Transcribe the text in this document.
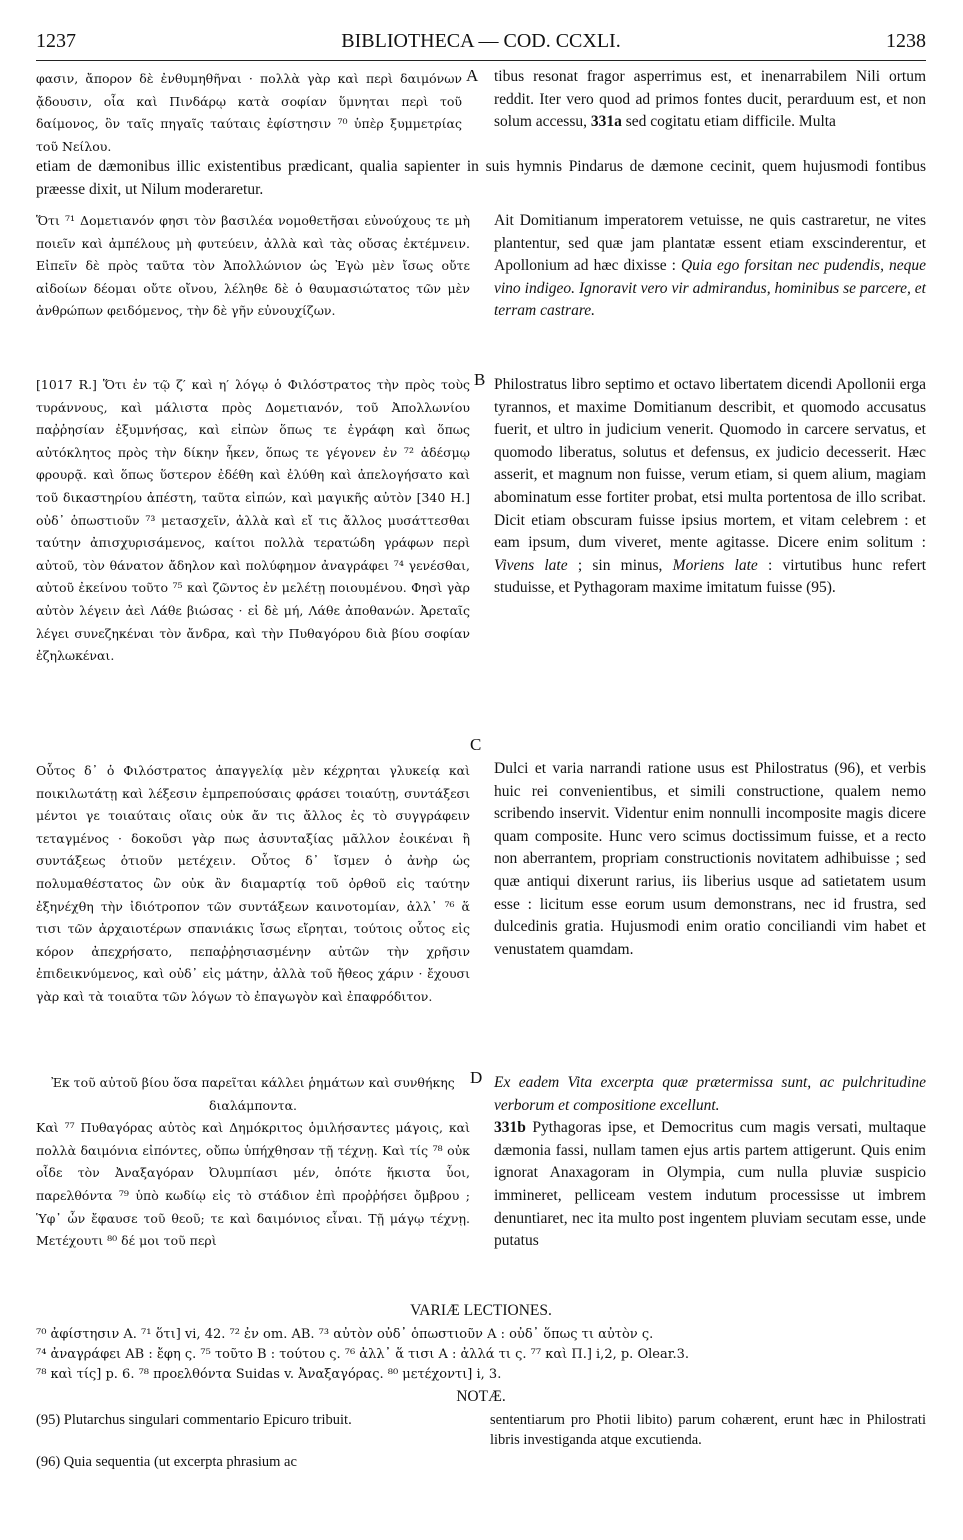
1237	BIBLIOTHECA — COD. CCXLI.	1238
A
B
C
D

φασιν, ἄπορον δὲ ἐνθυμηθῆναι · πολλὰ γὰρ καὶ περὶ δαιμόνων ᾄδουσιν, οἷα καὶ Πινδάρῳ κατὰ σοφίαν ὕμνηται περὶ τοῦ δαίμονος, ὃν ταῖς πηγαῖς ταύταις ἐφίστησιν ⁷⁰ ὑπὲρ ξυμμετρίας τοῦ Νείλου.

tibus resonat fragor asperrimus est, et inenarrabilem Nili ortum reddit. Iter vero quod ad primos fontes ducit, perarduum est, et non solum accessu, 331a sed cogitatu etiam difficile. Multa

etiam de dæmonibus illic existentibus prædicant, qualia sapienter in suis hymnis Pindarus de dæmone cecinit, quem hujusmodi fontibus præesse dixit, ut Nilum moderaretur.

Ὅτι ⁷¹ Δομετιανόν φησι τὸν βασιλέα νομοθετῆσαι εὐνούχους τε μὴ ποιεῖν καὶ ἀμπέλους μὴ φυτεύειν, ἀλλὰ καὶ τὰς οὔσας ἐκτέμνειν. Εἰπεῖν δὲ πρὸς ταῦτα τὸν Ἀπολλώνιον ὡς Ἐγὼ μὲν ἴσως οὔτε αἰδοίων δέομαι οὔτε οἴνου, λέληθε δὲ ὁ θαυμασιώτατος τῶν μὲν ἀνθρώπων φειδόμενος, τὴν δὲ γῆν εὐνουχίζων.

Ait Domitianum imperatorem vetuisse, ne quis castraretur, ne vites plantentur, sed quæ jam plantatæ essent etiam exscinderentur, et Apollonium ad hæc dixisse : Quia ego forsitan nec pudendis, neque vino indigeo. Ignoravit vero vir admirandus, hominibus se parcere, et terram castrare.

[1017 R.] Ὅτι ἐν τῷ ζ′ καὶ η′ λόγῳ ὁ Φιλόστρατος τὴν πρὸς τοὺς τυράννους, καὶ μάλιστα πρὸς Δομετιανόν, τοῦ Ἀπολλωνίου παῤῥησίαν ἐξυμνήσας, καὶ εἰπὼν ὅπως τε ἐγράφη καὶ ὅπως αὐτόκλητος πρὸς τὴν δίκην ἧκεν, ὅπως τε γέγονεν ἐν ⁷² ἀδέσμῳ φρουρᾷ. καὶ ὅπως ὕστερον ἐδέθη καὶ ἐλύθη καὶ ἀπελογήσατο καὶ τοῦ δικαστηρίου ἀπέστη, ταῦτα εἰπών, καὶ μαγικῆς αὐτὸν [340 H.] οὐδ᾽ ὁπωστιοῦν ⁷³ μετασχεῖν, ἀλλὰ καὶ εἴ τις ἄλλος μυσάττεσθαι ταύτην ἀπισχυρισάμενος, καίτοι πολλὰ τερατώδη γράφων περὶ αὐτοῦ, τὸν θάνατον ἄδηλον καὶ πολύφημον ἀναγράφει ⁷⁴ γενέσθαι, αὐτοῦ ἐκείνου τοῦτο ⁷⁵ καὶ ζῶντος ἐν μελέτῃ ποιουμένου. Φησὶ γὰρ αὐτὸν λέγειν ἀεὶ Λάθε βιώσας · εἰ δὲ μή, Λάθε ἀποθανών. Ἀρεταῖς λέγει συνεζηκέναι τὸν ἄνδρα, καὶ τὴν Πυθαγόρου διὰ βίου σοφίαν ἐζηλωκέναι.

Philostratus libro septimo et octavo libertatem dicendi Apollonii erga tyrannos, et maxime Domitianum describit, et quomodo accusatus fuerit, et ultro in judicium venerit. Quomodo in carcere servatus, et quomodo liberatus, solutus et defensus, ex judicio decesserit. Hæc asserit, et magnum non fuisse, verum etiam, si quem alium, magiam abominatum esse fortiter probat, etsi multa portentosa de illo scribat. Dicit etiam obscuram fuisse ipsius mortem, et vitam celebrem : et eam ipsum, dum viveret, mente agitasse. Dicere enim solitum : Vivens late ; sin minus, Moriens late : virtutibus hunc refert studuisse, et Pythagoram maxime imitatum fuisse (95).

Οὗτος δ᾽ ὁ Φιλόστρατος ἀπαγγελίᾳ μὲν κέχρηται γλυκείᾳ καὶ ποικιλωτάτῃ καὶ λέξεσιν ἐμπρεπούσαις φράσει τοιαύτῃ, συντάξεσι μέντοι γε τοιαύταις οἵαις οὐκ ἄν τις ἄλλος ἐς τὸ συγγράφειν τεταγμένος · δοκοῦσι γὰρ πως ἀσυνταξίας μᾶλλον ἐοικέναι ἢ συντάξεως ὁτιοῦν μετέχειν. Οὗτος δ᾽ ἴσμεν ὁ ἀνὴρ ὡς πολυμαθέστατος ὢν οὐκ ἂν διαμαρτίᾳ τοῦ ὀρθοῦ εἰς ταύτην ἐξηνέχθη τὴν ἰδιότροπον τῶν συντάξεων καινοτομίαν, ἀλλ᾽ ⁷⁶ ἅ τισι τῶν ἀρχαιοτέρων σπανιάκις ἴσως εἴρηται, τούτοις οὗτος εἰς κόρον ἀπεχρήσατο, πεπαῤῥησιασμένην αὐτῶν τὴν χρῆσιν ἐπιδεικνύμενος, καὶ οὐδ᾽ εἰς μάτην, ἀλλὰ τοῦ ἤθεος χάριν · ἔχουσι γὰρ καὶ τὰ τοιαῦτα τῶν λόγων τὸ ἐπαγωγὸν καὶ ἐπαφρόδιτον.

Dulci et varia narrandi ratione usus est Philostratus (96), et verbis huic rei convenientibus, et simili constructione, qualem nemo scribendo inservit. Videntur enim nonnulli incomposite magis dicere quam composite. Hunc vero scimus doctissimum fuisse, et a recto non aberrantem, propriam constructionis novitatem adhibuisse ; sed quæ antiqui dixerunt rarius, iis liberius usque ad satietatem usum esse : licitum esse eorum usum demonstrans, nec id frustra, sed dulcedinis gratia. Hujusmodi enim oratio conciliandi vim habet et venustatem quamdam.

Ἐκ τοῦ αὐτοῦ βίου ὅσα παρεῖται κάλλει ῥημάτων καὶ συνθήκης διαλάμποντα.

Καὶ ⁷⁷ Πυθαγόρας αὐτὸς καὶ Δημόκριτος ὁμιλήσαντες μάγοις, καὶ πολλὰ δαιμόνια εἰπόντες, οὔπω ὑπήχθησαν τῇ τέχνῃ. Καὶ τίς ⁷⁸ οὐκ οἶδε τὸν Ἀναξαγόραν Ὀλυμπίασι μέν, ὁπότε ἥκιστα ὗοι, παρελθόντα ⁷⁹ ὑπὸ κωδίῳ εἰς τὸ στάδιον ἐπὶ προῤῥήσει ὄμβρου ; Ὑφ᾽ ὧν ἔφαυσε τοῦ θεοῦ; τε καὶ δαιμόνιος εἶναι. Τῇ μάγῳ τέχνῃ. Μετέχουτι ⁸⁰ δέ μοι τοῦ περὶ

Ex eadem Vita excerpta quæ prætermissa sunt, ac pulchritudine verborum et compositione excellunt.

331b Pythagoras ipse, et Democritus cum magis versati, multaque dæmonia fassi, nullam tamen ejus artis partem attigerunt. Quis enim ignorat Anaxagoram in Olympia, cum nulla pluviæ suspicio immineret, pelliceam vestem indutum processisse ut imbrem denuntiaret, nec ita multo post ingentem pluviam secutam esse, unde putatus

VARIÆ LECTIONES.
⁷⁰ ἀφίστησιν A. ⁷¹ ὅτι] vi, 42. ⁷² ἐν om. AB. ⁷³ αὐτὸν οὐδ᾽ ὁπωστιοῦν A : οὐδ᾽ ὅπως τι αὐτὸν ς.
⁷⁴ ἀναγράφει AB : ἔφη ς. ⁷⁵ τοῦτο B : τούτου ς. ⁷⁶ ἀλλ᾽ ἅ τισι A : ἀλλά τι ς. ⁷⁷ καὶ Π.] i,2, p. Olear.3.
⁷⁸ καὶ τίς] p. 6. ⁷⁸ προελθόντα Suidas v. Ἀναξαγόρας. ⁸⁰ μετέχοντι] i, 3.
NOTÆ.
(95) Plutarchus singulari commentario Epicuro tribuit.
(96) Quia sequentia (ut excerpta phrasium ac
sententiarum pro Photii libito) parum cohærent, erunt hæc in Philostrati libris investiganda atque excutienda.
